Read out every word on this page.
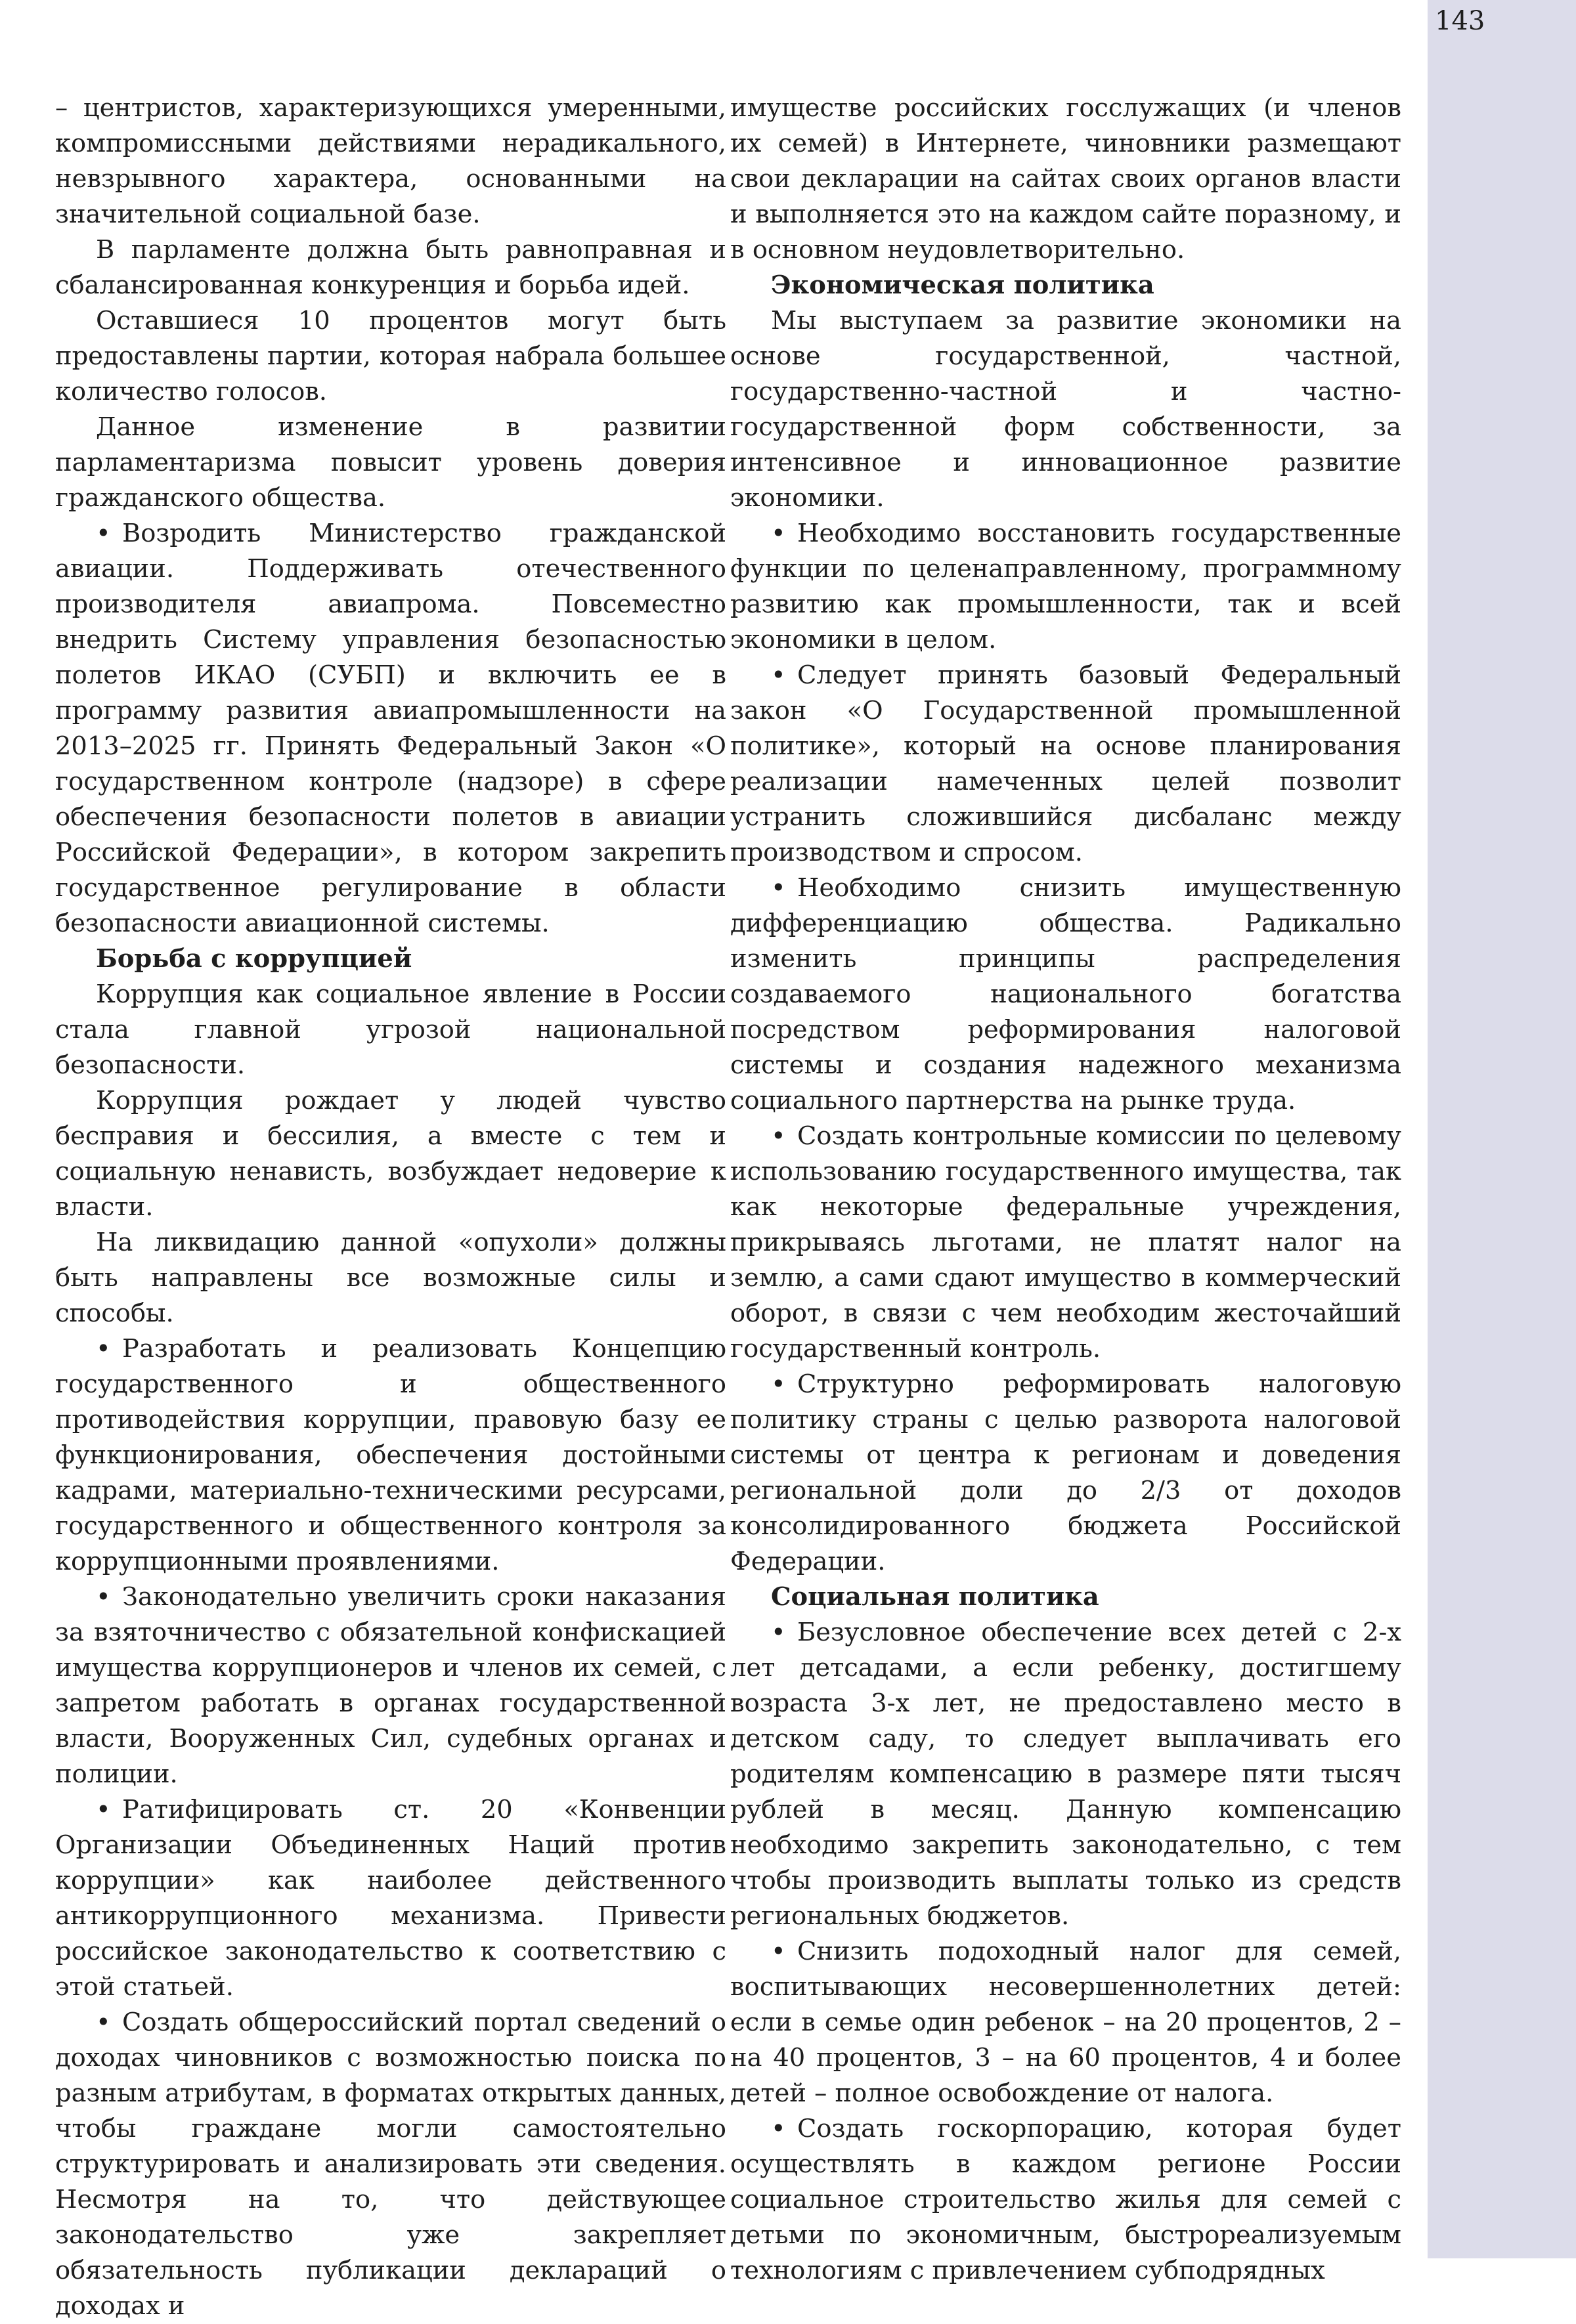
143

– центристов, характеризующихся умеренными, компромиссными действиями нерадикального, невзрывного характера, основанными на значительной социальной базе.

В парламенте должна быть равноправная и сбалансированная конкуренция и борьба идей.

Оставшиеся 10 процентов могут быть предоставлены партии, которая набрала большее количество голосов.

Данное изменение в развитии парламентаризма повысит уровень доверия гражданского общества.

• Возродить Министерство гражданской авиации. Поддерживать отечественного производителя авиапрома. Повсеместно внедрить Систему управления безопасностью полетов ИКАО (СУБП) и включить ее в программу развития авиапромышленности на 2013–2025 гг. Принять Федеральный Закон «О государственном контроле (надзоре) в сфере обеспечения безопасности полетов в авиации Российской Федерации», в котором закрепить государственное регулирование в области безопасности авиационной системы.

Борьба с коррупцией

Коррупция как социальное явление в России стала главной угрозой национальной безопасности.

Коррупция рождает у людей чувство бесправия и бессилия, а вместе с тем и социальную ненависть, возбуждает недоверие к власти.

На ликвидацию данной «опухоли» должны быть направлены все возможные силы и способы.

• Разработать и реализовать Концепцию государственного и общественного противодействия коррупции, правовую базу ее функционирования, обеспечения достойными кадрами, материально-техническими ресурсами, государственного и общественного контроля за коррупционными проявлениями.

• Законодательно увеличить сроки наказания за взяточничество с обязательной конфискацией имущества коррупционеров и членов их семей, с запретом работать в органах государственной власти, Вооруженных Сил, судебных органах и полиции.

• Ратифицировать ст. 20 «Конвенции Организации Объединенных Наций против коррупции» как наиболее действенного антикоррупционного механизма. Привести российское законодательство к соответствию с этой статьей.

• Создать общероссийский портал сведений о доходах чиновников с возможностью поиска по разным атрибутам, в форматах открытых данных, чтобы граждане могли самостоятельно структурировать и анализировать эти сведения. Несмотря на то, что действующее законодательство уже закрепляет обязательность публикации деклараций о доходах и

имуществе российских госслужащих (и членов их семей) в Интернете, чиновники размещают свои декларации на сайтах своих органов власти и выполняется это на каждом сайте поразному, и в основном неудовлетворительно.

Экономическая политика

Мы выступаем за развитие экономики на основе государственной, частной, государственно-частной и частно-государственной форм собственности, за интенсивное и инновационное развитие экономики.

• Необходимо восстановить государственные функции по целенаправленному, программному развитию как промышленности, так и всей экономики в целом.

• Следует принять базовый Федеральный закон «О Государственной промышленной политике», который на основе планирования реализации намеченных целей позволит устранить сложившийся дисбаланс между производством и спросом.

• Необходимо снизить имущественную дифференциацию общества. Радикально изменить принципы распределения создаваемого национального богатства посредством реформирования налоговой системы и создания надежного механизма социального партнерства на рынке труда.

• Создать контрольные комиссии по целевому использованию государственного имущества, так как некоторые федеральные учреждения, прикрываясь льготами, не платят налог на землю, а сами сдают имущество в коммерческий оборот, в связи с чем необходим жесточайший государственный контроль.

• Структурно реформировать налоговую политику страны с целью разворота налоговой системы от центра к регионам и доведения региональной доли до 2/3 от доходов консолидированного бюджета Российской Федерации.

Социальная политика

• Безусловное обеспечение всех детей с 2-х лет детсадами, а если ребенку, достигшему возраста 3-х лет, не предоставлено место в детском саду, то следует выплачивать его родителям компенсацию в размере пяти тысяч рублей в месяц. Данную компенсацию необходимо закрепить законодательно, с тем чтобы производить выплаты только из средств региональных бюджетов.

• Снизить подоходный налог для семей, воспитывающих несовершеннолетних детей: если в семье один ребенок – на 20 процентов, 2 – на 40 процентов, 3 – на 60 процентов, 4 и более детей – полное освобождение от налога.

• Создать госкорпорацию, которая будет осуществлять в каждом регионе России социальное строительство жилья для семей с детьми по экономичным, быстрореализуемым технологиям с привлечением субподрядных
